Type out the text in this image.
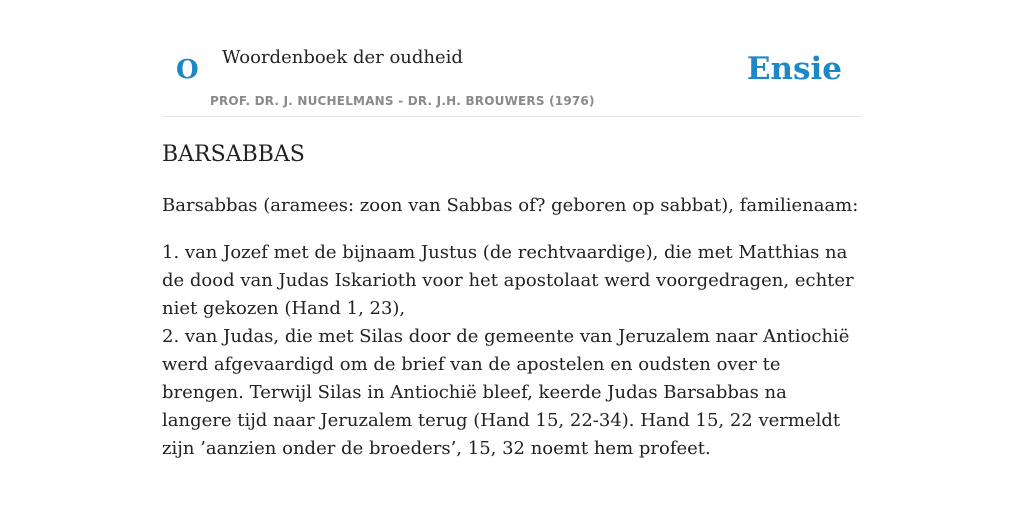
O Woordenboek der oudheid
PROF. DR. J. NUCHELMANS - DR. J.H. BROUWERS (1976)
Ensie
BARSABBAS

Barsabbas (aramees: zoon van Sabbas of? geboren op sabbat), familienaam:

1. van Jozef met de bijnaam Justus (de rechtvaardige), die met Matthias na de dood van Judas Iskarioth voor het apostolaat werd voorgedragen, echter niet gekozen (Hand 1, 23),
2. van Judas, die met Silas door de gemeente van Jeruzalem naar Antiochië werd afgevaardigd om de brief van de apostelen en oudsten over te brengen. Terwijl Silas in Antiochië bleef, keerde Judas Barsabbas na langere tijd naar Jeruzalem terug (Hand 15, 22-34). Hand 15, 22 vermeldt zijn ’aanzien onder de broeders’, 15, 32 noemt hem profeet.
